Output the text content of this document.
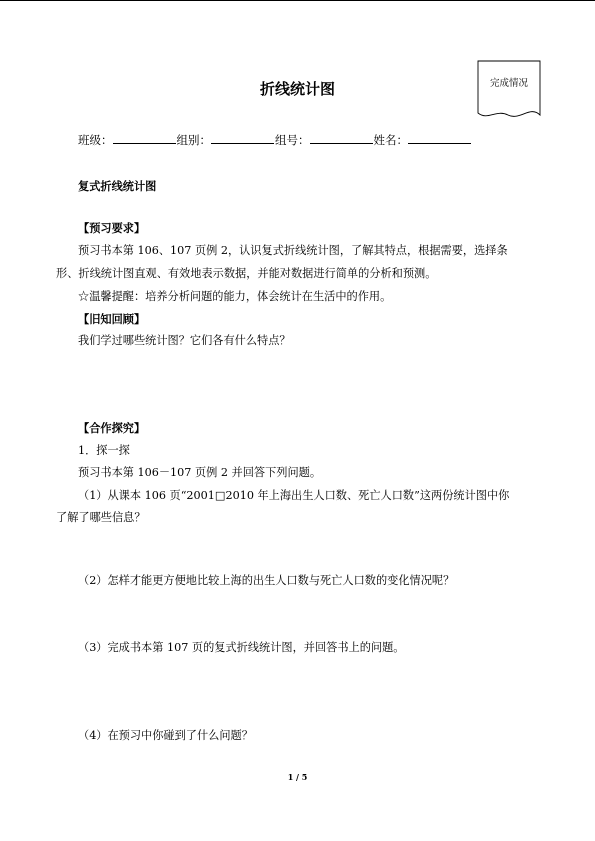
完成情况
折线统计图
班级：	组别：	组号：	姓名：
复式折线统计图
【预习要求】
预习书本第 106、107 页例 2，认识复式折线统计图，了解其特点，根据需要，选择条
形、折线统计图直观、有效地表示数据，并能对数据进行简单的分析和预测。
☆温馨提醒：培养分析问题的能力，体会统计在生活中的作用。
【旧知回顾】
我们学过哪些统计图？它们各有什么特点？
【合作探究】
1．探一探
预习书本第 106－107 页例 2 并回答下列问题。
（1）从课本 106 页“2001□2010 年上海出生人口数、死亡人口数”这两份统计图中你
了解了哪些信息？
（2）怎样才能更方便地比较上海的出生人口数与死亡人口数的变化情况呢？
（3）完成书本第 107 页的复式折线统计图，并回答书上的问题。
（4）在预习中你碰到了什么问题？
1 / 5
